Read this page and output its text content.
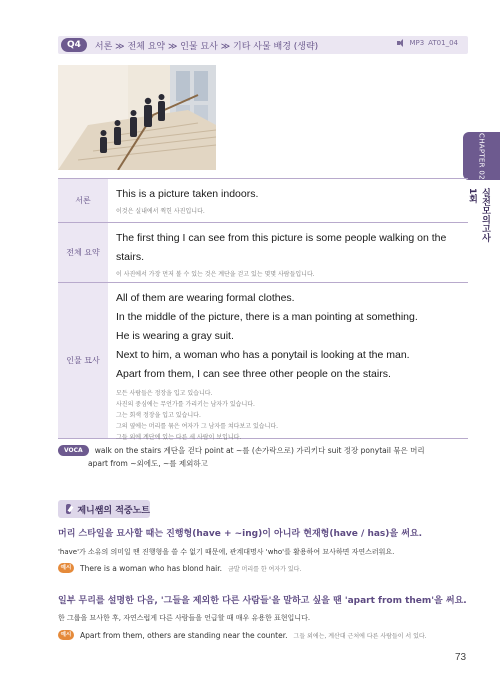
Q4	서론 ≫ 전체 요약 ≫ 인물 묘사 ≫ 기타 사물 배경 (생략)	MP3 AT01_04
CHAPTER 02
실전모의고사 1회
서론
This is a picture taken indoors.
이것은 실내에서 찍힌 사진입니다.
전체 요약
The first thing I can see from this picture is some people walking on the
stairs.
이 사진에서 가장 먼저 볼 수 있는 것은 계단을 걷고 있는 몇몇 사람들입니다.
인물 묘사
All of them are wearing formal clothes.
In the middle of the picture, there is a man pointing at something.
He is wearing a gray suit.
Next to him, a woman who has a ponytail is looking at the man.
Apart from them, I can see three other people on the stairs.
모든 사람들은 정장을 입고 있습니다.
사진의 중심에는 무언가를 가리키는 남자가 있습니다.
그는 회색 정장을 입고 있습니다.
그의 옆에는 머리를 묶은 여자가 그 남자를 쳐다보고 있습니다.
그들 외에 계단에 있는 다른 세 사람이 보입니다.
VOCA walk on the stairs 계단을 걷다 point at ~를 (손가락으로) 가리키다 suit 정장 ponytail 묶은 머리
apart from ~외에도, ~를 제외하고
제니쌤의 적중노트
머리 스타일을 묘사할 때는 진행형(have + ~ing)이 아니라 현재형(have / has)을 써요.
'have'가 소유의 의미일 땐 진행형을 쓸 수 없기 때문에, 관계대명사 'who'를 활용하여 묘사하면 자연스러워요.
예시	There is a woman who has blond hair. 금발 머리를 한 여자가 있다.
일부 무리를 설명한 다음, '그들을 제외한 다른 사람들'을 말하고 싶을 땐 'apart from them'을 써요.
한 그룹을 묘사한 후, 자연스럽게 다른 사람들을 언급할 때 매우 유용한 표현입니다.
예시	Apart from them, others are standing near the counter. 그들 외에는, 계산대 근처에 다른 사람들이 서 있다.
73
